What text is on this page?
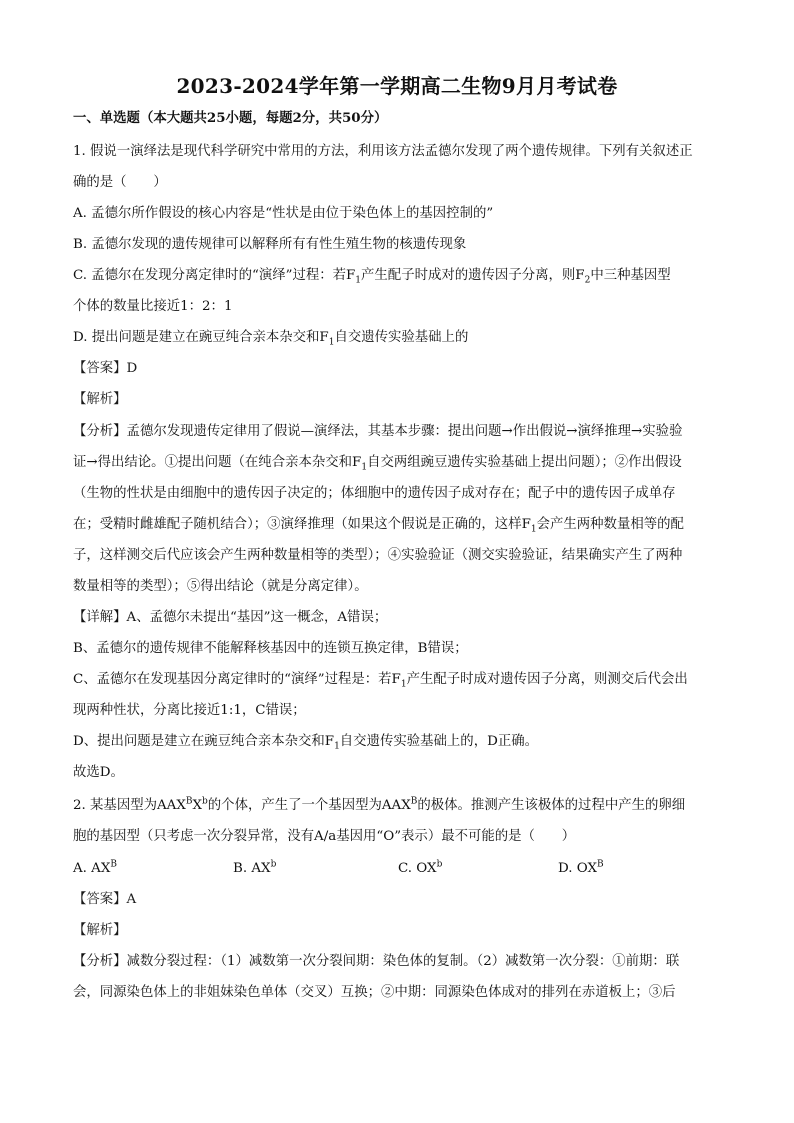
2023-2024学年第一学期高二生物9月月考试卷
一、单选题（本大题共25小题，每题2分，共50分）
1. 假说一演绎法是现代科学研究中常用的方法，利用该方法孟德尔发现了两个遗传规律。下列有关叙述正
确的是（　　）
A. 孟德尔所作假设的核心内容是“性状是由位于染色体上的基因控制的”
B. 孟德尔发现的遗传规律可以解释所有有性生殖生物的核遗传现象
C. 孟德尔在发现分离定律时的“演绎”过程：若$F_1$产生配子时成对的遗传因子分离，则$F_2$中三种基因型
个体的数量比接近1：2：1
D. 提出问题是建立在豌豆纯合亲本杂交和$F_1$自交遗传实验基础上的
【答案】D
【解析】
【分析】孟德尔发现遗传定律用了假说—演绎法，其基本步骤：提出问题→作出假说→演绎推理→实验验
证→得出结论。①提出问题（在纯合亲本杂交和$F_1$自交两组豌豆遗传实验基础上提出问题）；②作出假设
（生物的性状是由细胞中的遗传因子决定的；体细胞中的遗传因子成对存在；配子中的遗传因子成单存
在；受精时雌雄配子随机结合）；③演绎推理（如果这个假说是正确的，这样$F_1$会产生两种数量相等的配
子，这样测交后代应该会产生两种数量相等的类型）；④实验验证（测交实验验证，结果确实产生了两种
数量相等的类型）；⑤得出结论（就是分离定律）。
【详解】A、孟德尔未提出“基因”这一概念，A错误；
B、孟德尔的遗传规律不能解释核基因中的连锁互换定律，B错误；
C、孟德尔在发现基因分离定律时的“演绎”过程是：若$F_1$产生配子时成对遗传因子分离，则测交后代会出
现两种性状，分离比接近1:1，C错误；
D、提出问题是建立在豌豆纯合亲本杂交和$F_1$自交遗传实验基础上的，D正确。
故选D。
2. 某基因型为$AAX^BX^b$的个体，产生了一个基因型为$AAX^B$的极体。推测产生该极体的过程中产生的卵细
胞的基因型（只考虑一次分裂异常，没有A/a基因用“O”表示）最不可能的是（　　）
A. $AX^B$	B. $AX^b$	C. $OX^b$	D. $OX^B$
【答案】A
【解析】
【分析】减数分裂过程：（1）减数第一次分裂间期：染色体的复制。（2）减数第一次分裂：①前期：联
会，同源染色体上的非姐妹染色单体（交叉）互换；②中期：同源染色体成对的排列在赤道板上；③后
